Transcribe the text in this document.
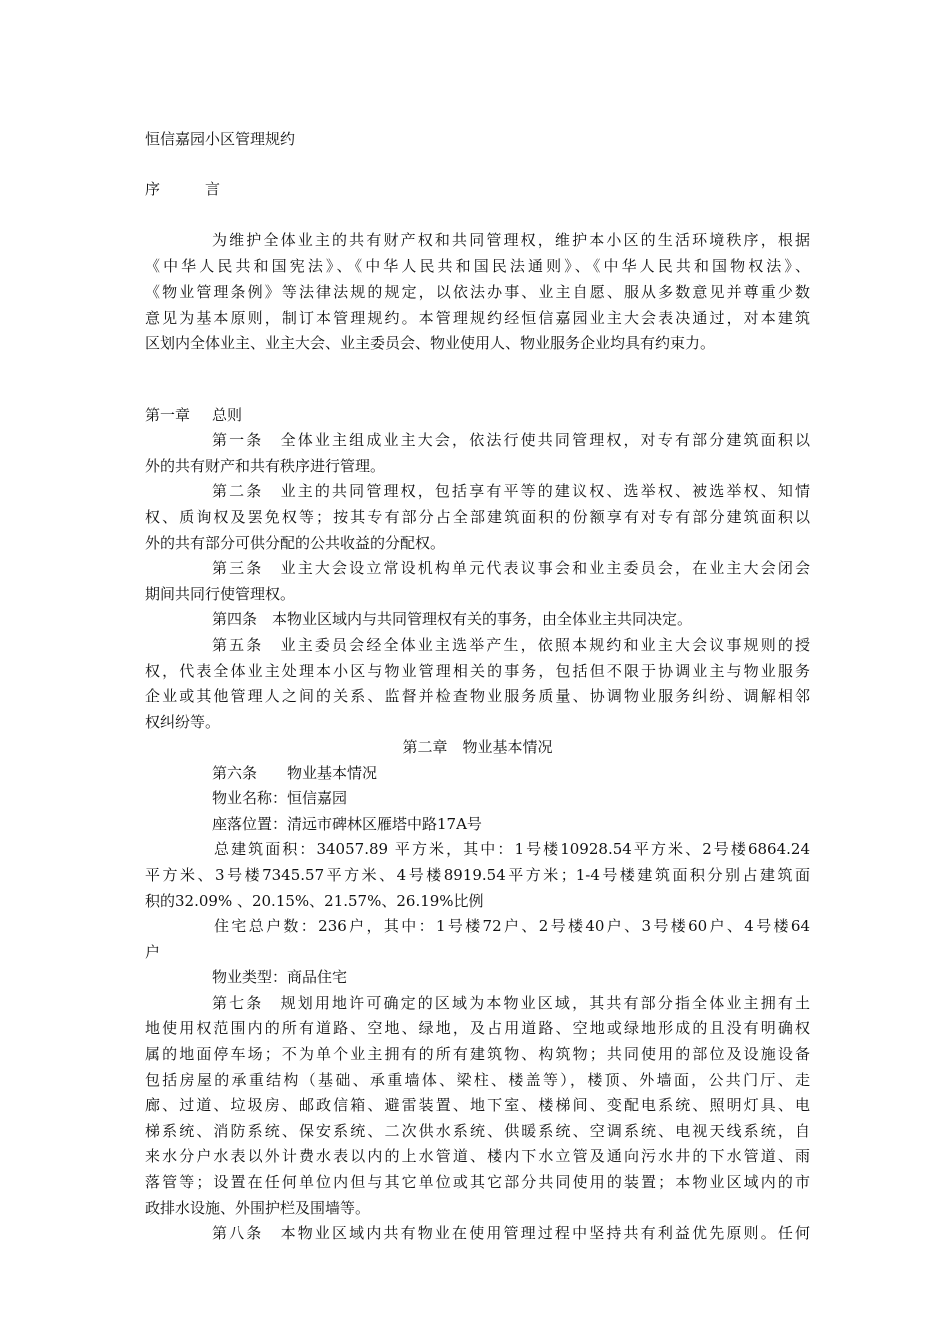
恒信嘉园小区管理规约
序	言
为维护全体业主的共有财产权和共同管理权，维护本小区的生活环境秩序，根据
《中华人民共和国宪法》、《中华人民共和国民法通则》、《中华人民共和国物权法》、
《物业管理条例》等法律法规的规定，以依法办事、业主自愿、服从多数意见并尊重少数
意见为基本原则，制订本管理规约。本管理规约经恒信嘉园业主大会表决通过，对本建筑
区划内全体业主、业主大会、业主委员会、物业使用人、物业服务企业均具有约束力。
第一章 总则
第一条　全体业主组成业主大会，依法行使共同管理权，对专有部分建筑面积以
外的共有财产和共有秩序进行管理。
第二条　业主的共同管理权，包括享有平等的建议权、选举权、被选举权、知情
权、质询权及罢免权等；按其专有部分占全部建筑面积的份额享有对专有部分建筑面积以
外的共有部分可供分配的公共收益的分配权。
第三条　业主大会设立常设机构单元代表议事会和业主委员会，在业主大会闭会
期间共同行使管理权。
第四条　本物业区域内与共同管理权有关的事务，由全体业主共同决定。
第五条　业主委员会经全体业主选举产生，依照本规约和业主大会议事规则的授
权，代表全体业主处理本小区与物业管理相关的事务，包括但不限于协调业主与物业服务
企业或其他管理人之间的关系、监督并检查物业服务质量、协调物业服务纠纷、调解相邻
权纠纷等。
第二章　物业基本情况
第六条 物业基本情况
物业名称：恒信嘉园
座落位置：清远市碑林区雁塔中路17A号
总建筑面积：34057.89 平方米，其中：1号楼10928.54平方米、2号楼6864.24
平方米、3号楼7345.57平方米、4号楼8919.54平方米；1-4号楼建筑面积分别占建筑面
积的32.09% 、20.15%、21.57%、26.19%比例
住宅总户数：236户，其中：1号楼72户、2号楼40户、3号楼60户、4号楼64
户
物业类型：商品住宅
第七条　规划用地许可确定的区域为本物业区域，其共有部分指全体业主拥有土
地使用权范围内的所有道路、空地、绿地，及占用道路、空地或绿地形成的且没有明确权
属的地面停车场；不为单个业主拥有的所有建筑物、构筑物；共同使用的部位及设施设备
包括房屋的承重结构（基础、承重墙体、梁柱、楼盖等），楼顶、外墙面，公共门厅、走
廊、过道、垃圾房、邮政信箱、避雷装置、地下室、楼梯间、变配电系统、照明灯具、电
梯系统、消防系统、保安系统、二次供水系统、供暖系统、空调系统、电视天线系统，自
来水分户水表以外计费水表以内的上水管道、楼内下水立管及通向污水井的下水管道、雨
落管等；设置在任何单位内但与其它单位或其它部分共同使用的装置；本物业区域内的市
政排水设施、外围护栏及围墙等。
第八条　本物业区域内共有物业在使用管理过程中坚持共有利益优先原则。任何
